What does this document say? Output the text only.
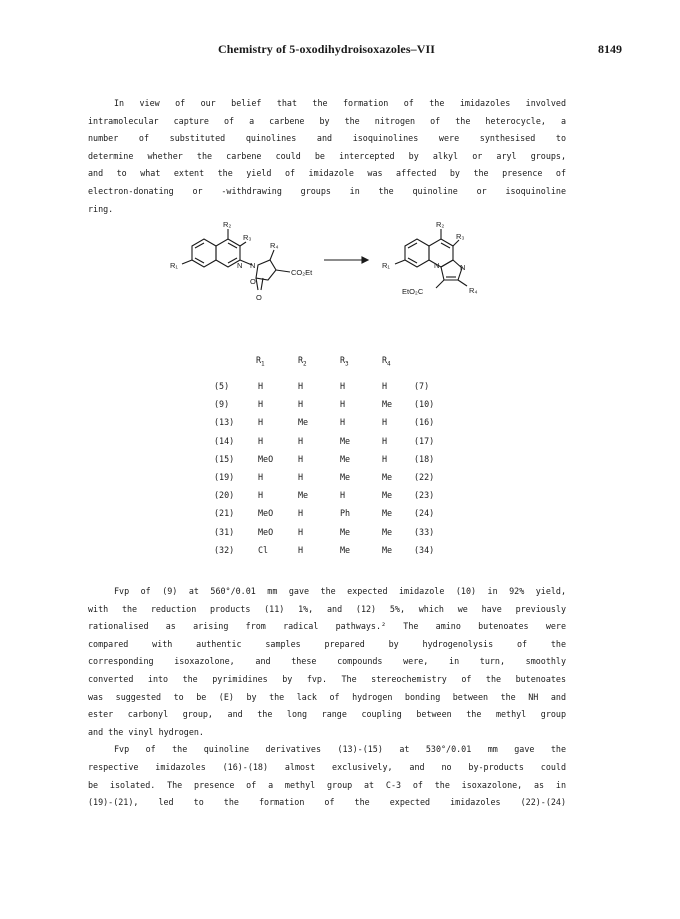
Chemistry of 5-oxodihydroisoxazoles–VII	8149
In view of our belief that the formation of the imidazoles involved
intramolecular capture of a carbene by the nitrogen of the heterocycle, a
number of substituted quinolines and isoquinolines were synthesised to
determine whether the carbene could be intercepted by alkyl or aryl groups,
and to what extent the yield of imidazole was affected by the presence of
electron-donating or -withdrawing groups in the quinoline or isoquinoline
ring.
R₂
R₃
R₄
R₁	N N
CO₂Et
O
O
R₂
R₃
R₁	N	N
EtO₂C	R₄
$R_1$	$R_2$	$R_3$	$R_4$
(5)	H	H	H	H	(7)
(9)	H	H	H	Me	(10)
(13)	H	Me	H	H	(16)
(14)	H	H	Me	H	(17)
(15)	MeO	H	Me	H	(18)
(19)	H	H	Me	Me	(22)
(20)	H	Me	H	Me	(23)
(21)	MeO	H	Ph	Me	(24)
(31)	MeO	H	Me	Me	(33)
(32)	Cl	H	Me	Me	(34)
Fvp of (9) at 560°/0.01 mm gave the expected imidazole (10) in 92% yield,
with the reduction products (11) 1%, and (12) 5%, which we have previously
rationalised as arising from radical pathways.² The amino butenoates were
compared with authentic samples prepared by hydrogenolysis of the
corresponding isoxazolone, and these compounds were, in turn, smoothly
converted into the pyrimidines by fvp. The stereochemistry of the butenoates
was suggested to be (E) by the lack of hydrogen bonding between the NH and
ester carbonyl group, and the long range coupling between the methyl group
and the vinyl hydrogen.
Fvp of the quinoline derivatives (13)-(15) at 530°/0.01 mm gave the
respective imidazoles (16)-(18) almost exclusively, and no by-products could
be isolated. The presence of a methyl group at C-3 of the isoxazolone, as in
(19)-(21), led to the formation of the expected imidazoles (22)-(24)
